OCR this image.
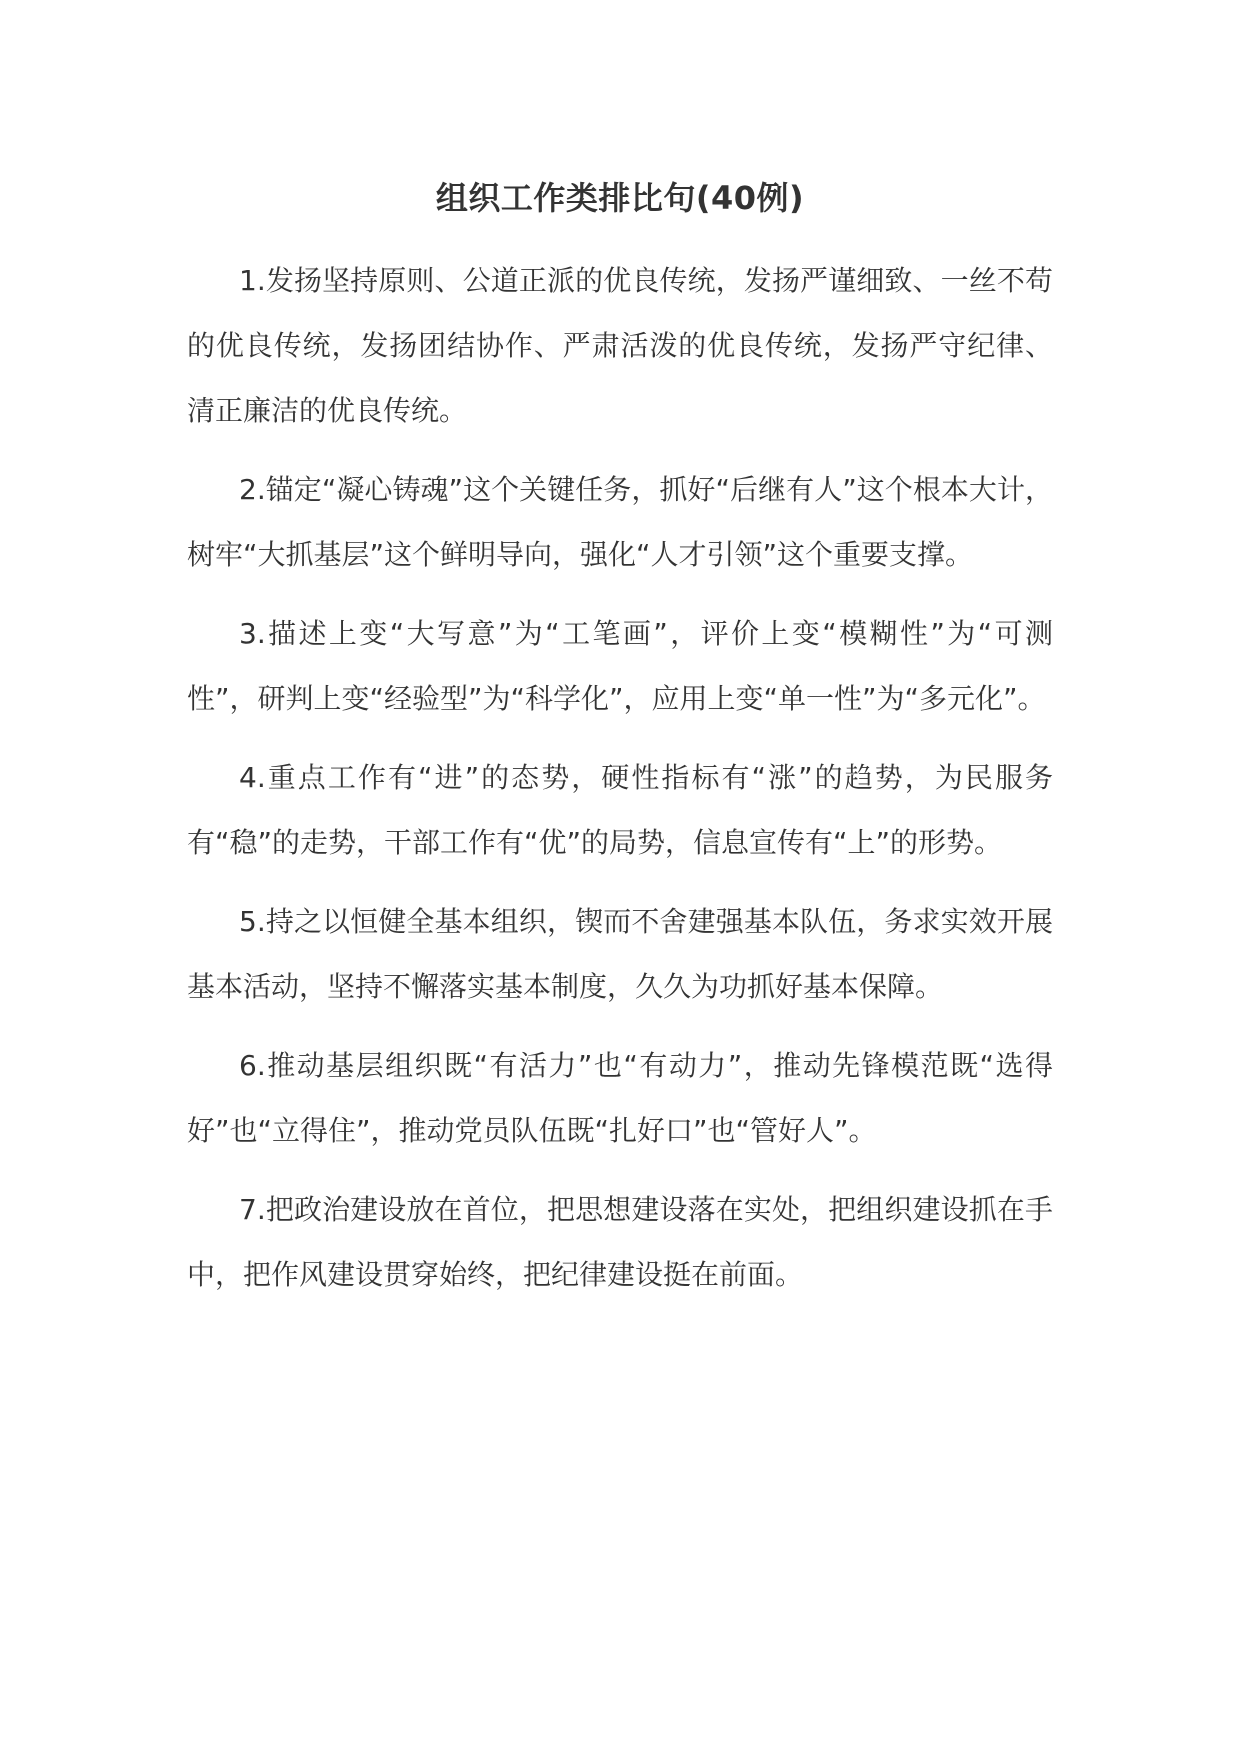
组织工作类排比句(40例)

1.发扬坚持原则、公道正派的优良传统，发扬严谨细致、一丝不苟的优良传统，发扬团结协作、严肃活泼的优良传统，发扬严守纪律、清正廉洁的优良传统。

2.锚定“凝心铸魂”这个关键任务，抓好“后继有人”这个根本大计，树牢“大抓基层”这个鲜明导向，强化“人才引领”这个重要支撑。

3.描述上变“大写意”为“工笔画”，评价上变“模糊性”为“可测性”，研判上变“经验型”为“科学化”，应用上变“单一性”为“多元化”。

4.重点工作有“进”的态势，硬性指标有“涨”的趋势，为民服务有“稳”的走势，干部工作有“优”的局势，信息宣传有“上”的形势。

5.持之以恒健全基本组织，锲而不舍建强基本队伍，务求实效开展基本活动，坚持不懈落实基本制度，久久为功抓好基本保障。

6.推动基层组织既“有活力”也“有动力”，推动先锋模范既“选得好”也“立得住”，推动党员队伍既“扎好口”也“管好人”。

7.把政治建设放在首位，把思想建设落在实处，把组织建设抓在手中，把作风建设贯穿始终，把纪律建设挺在前面。
